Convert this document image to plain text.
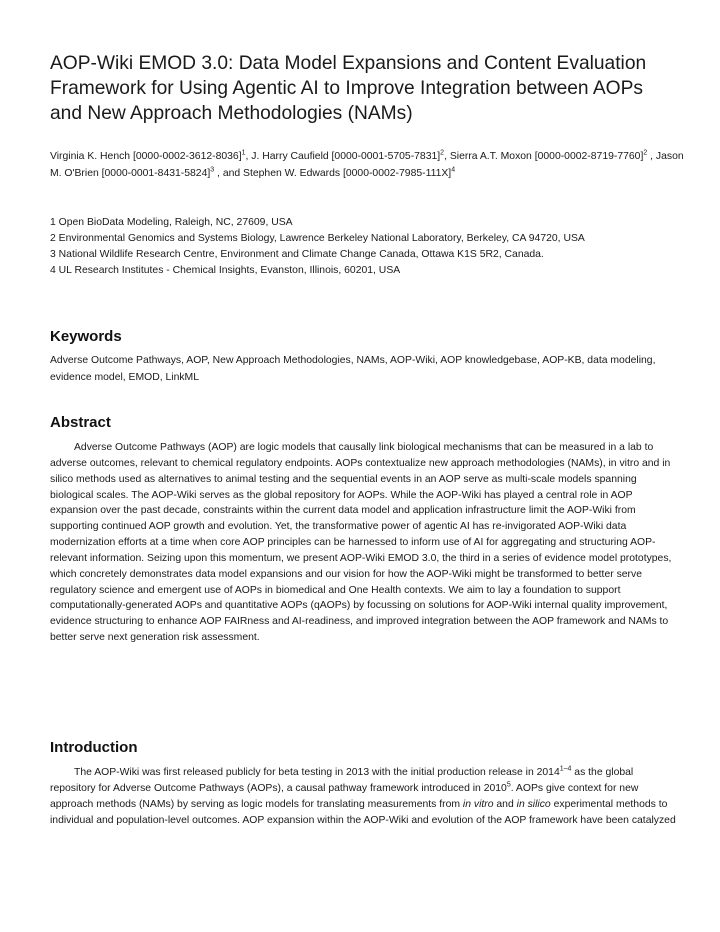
AOP-Wiki EMOD 3.0: Data Model Expansions and Content Evaluation Framework for Using Agentic AI to Improve Integration between AOPs and New Approach Methodologies (NAMs)

Virginia K. Hench $[0000-0002-3612-8036]^1$, J. Harry Caufield $[0000-0001-5705-7831]^2$, Sierra A.T. Moxon $[0000-0002-8719-7760]^2$ , Jason M. O'Brien $[0000-0001-8431-5824]^3$ , and Stephen W. Edwards $[0000-0002-7985-111X]^4$

1 Open BioData Modeling, Raleigh, NC, 27609, USA
2 Environmental Genomics and Systems Biology, Lawrence Berkeley National Laboratory, Berkeley, CA 94720, USA
3 National Wildlife Research Centre, Environment and Climate Change Canada, Ottawa K1S 5R2, Canada.
4 UL Research Institutes - Chemical Insights, Evanston, Illinois, 60201, USA
Keywords

Adverse Outcome Pathways, AOP, New Approach Methodologies, NAMs, AOP-Wiki, AOP knowledgebase, AOP-KB, data modeling, evidence model, EMOD, LinkML

Abstract

Adverse Outcome Pathways (AOP) are logic models that causally link biological mechanisms that can be measured in a lab to adverse outcomes, relevant to chemical regulatory endpoints. AOPs contextualize new approach methodologies (NAMs), in vitro and in silico methods used as alternatives to animal testing and the sequential events in an AOP serve as multi-scale models spanning biological scales. The AOP-Wiki serves as the global repository for AOPs. While the AOP-Wiki has played a central role in AOP expansion over the past decade, constraints within the current data model and application infrastructure limit the AOP-Wiki from supporting continued AOP growth and evolution. Yet, the transformative power of agentic AI has re-invigorated AOP-Wiki data modernization efforts at a time when core AOP principles can be harnessed to inform use of AI for aggregating and structuring AOP-relevant information. Seizing upon this momentum, we present AOP-Wiki EMOD 3.0, the third in a series of evidence model prototypes, which concretely demonstrates data model expansions and our vision for how the AOP-Wiki might be transformed to better serve regulatory science and emergent use of AOPs in biomedical and One Health contexts. We aim to lay a foundation to support computationally-generated AOPs and quantitative AOPs (qAOPs) by focussing on solutions for AOP-Wiki internal quality improvement, evidence structuring to enhance AOP FAIRness and AI-readiness, and improved integration between the AOP framework and NAMs to better serve next generation risk assessment.

Introduction

The AOP-Wiki was first released publicly for beta testing in 2013 with the initial production release in 2014$^{1-4}$ as the global repository for Adverse Outcome Pathways (AOPs), a causal pathway framework introduced in 2010$^5$. AOPs give context for new approach methods (NAMs) by serving as logic models for translating measurements from in vitro and in silico experimental methods to individual and population-level outcomes. AOP expansion within the AOP-Wiki and evolution of the AOP framework have been catalyzed
